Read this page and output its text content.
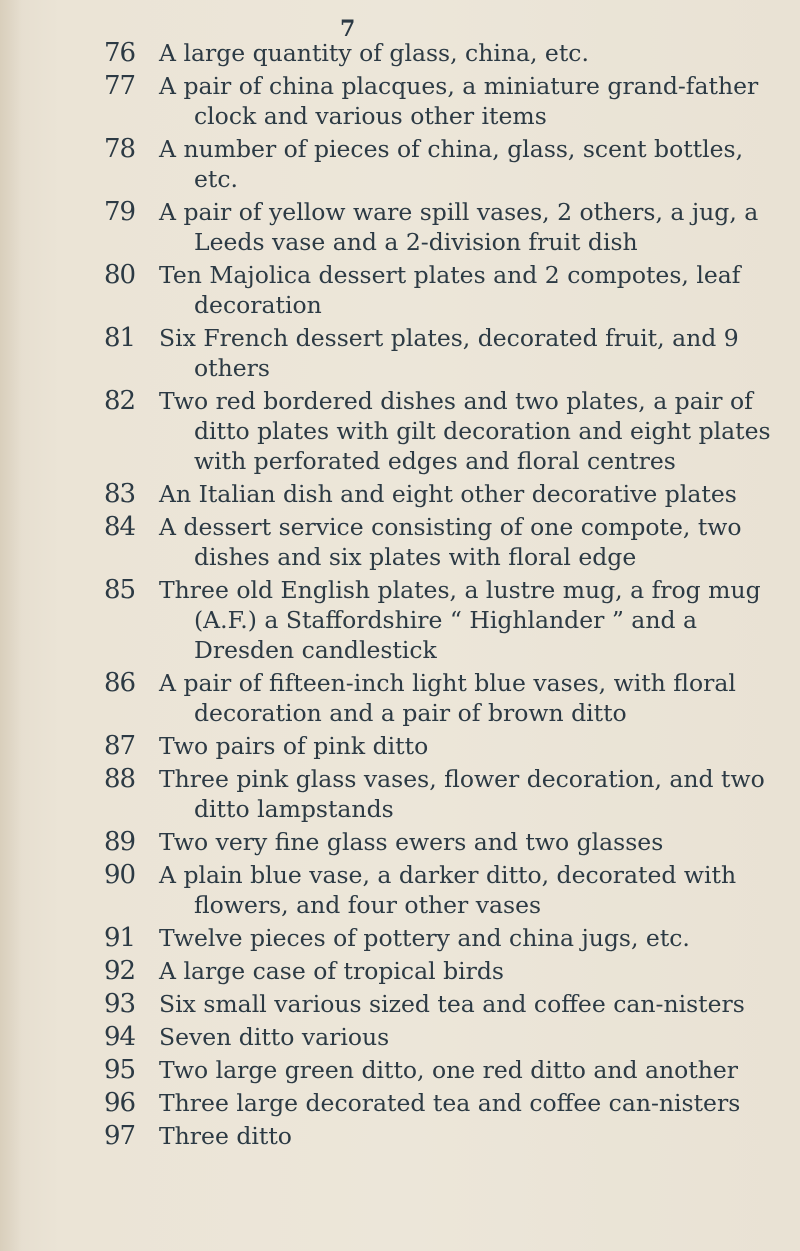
7
76 A large quantity of glass, china, etc.
77 A pair of china placques, a miniature grand-father clock and various other items
78 A number of pieces of china, glass, scent bottles, etc.
79 A pair of yellow ware spill vases, 2 others, a jug, a Leeds vase and a 2-division fruit dish
80 Ten Majolica dessert plates and 2 compotes, leaf decoration
81 Six French dessert plates, decorated fruit, and 9 others
82 Two red bordered dishes and two plates, a pair of ditto plates with gilt decoration and eight plates with perforated edges and floral centres
83 An Italian dish and eight other decorative plates
84 A dessert service consisting of one compote, two dishes and six plates with floral edge
85 Three old English plates, a lustre mug, a frog mug (A.F.) a Staffordshire “ Highlander ” and a Dresden candlestick
86 A pair of fifteen-inch light blue vases, with floral decoration and a pair of brown ditto
87 Two pairs of pink ditto
88 Three pink glass vases, flower decoration, and two ditto lampstands
89 Two very fine glass ewers and two glasses
90 A plain blue vase, a darker ditto, decorated with flowers, and four other vases
91 Twelve pieces of pottery and china jugs, etc.
92 A large case of tropical birds
93 Six small various sized tea and coffee can-nisters
94 Seven ditto various
95 Two large green ditto, one red ditto and another
96 Three large decorated tea and coffee can-nisters
97 Three ditto
